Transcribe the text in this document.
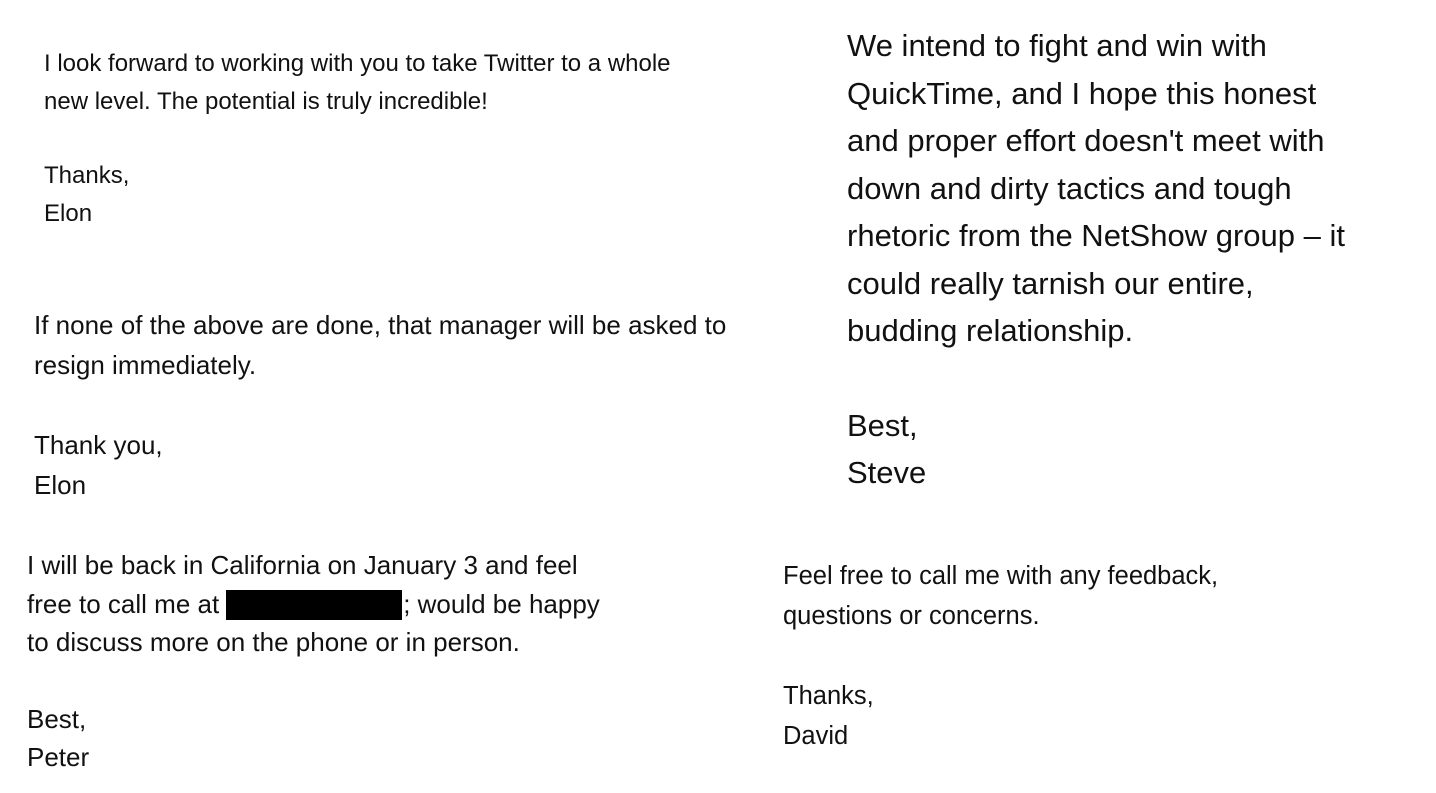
I look forward to working with you to take Twitter to a whole
new level. The potential is truly incredible!
Thanks,
Elon
If none of the above are done, that manager will be asked to
resign immediately.
Thank you,
Elon
I will be back in California on January 3 and feel
free to call me at	; would be happy
to discuss more on the phone or in person.
Best,
Peter
We intend to fight and win with
QuickTime, and I hope this honest
and proper effort doesn't meet with
down and dirty tactics and tough
rhetoric from the NetShow group – it
could really tarnish our entire,
budding relationship.
Best,
Steve
Feel free to call me with any feedback,
questions or concerns.
Thanks,
David
